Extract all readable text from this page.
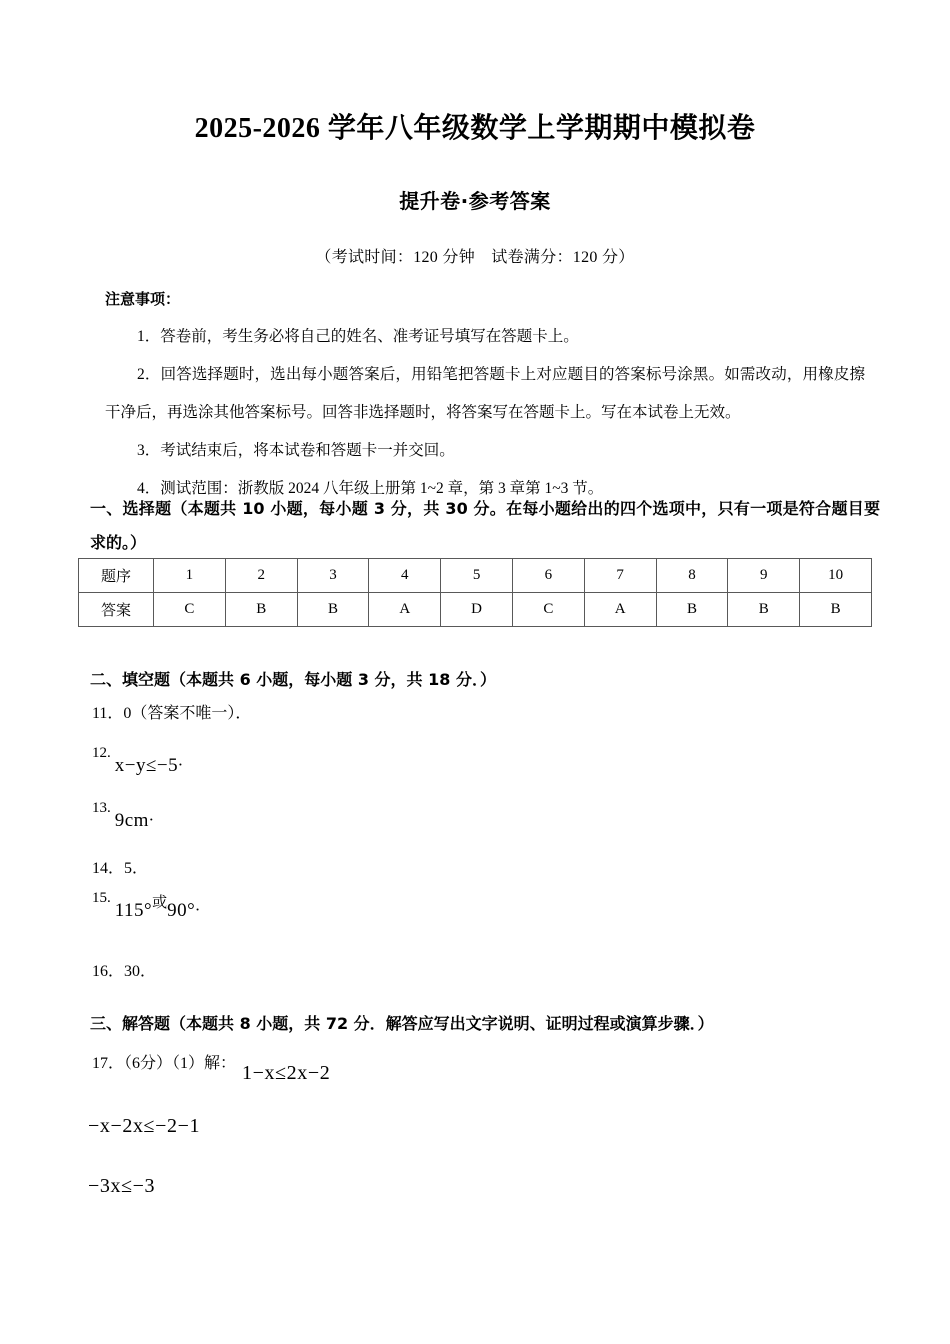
2025-2026 学年八年级数学上学期期中模拟卷
提升卷·参考答案
（考试时间：120 分钟　试卷满分：120 分）
注意事项：
1．答卷前，考生务必将自己的姓名、准考证号填写在答题卡上。
2．回答选择题时，选出每小题答案后，用铅笔把答题卡上对应题目的答案标号涂黑。如需改动，用橡皮擦干净后，再选涂其他答案标号。回答非选择题时，将答案写在答题卡上。写在本试卷上无效。
3．考试结束后，将本试卷和答题卡一并交回。
4．测试范围：浙教版 2024 八年级上册第 1~2 章，第 3 章第 1~3 节。
一、选择题（本题共 10 小题，每小题 3 分，共 30 分。在每小题给出的四个选项中，只有一项是符合题目要求的。）
题序	1	2	3	4	5	6	7	8	9	10
答案	C	B	B	A	D	C	A	B	B	B
二、填空题（本题共 6 小题，每小题 3 分，共 18 分．）
11．0（答案不唯一）．
12.x−y≤−5．
13.9cm．
14．5．
15.115°或90°．
16．30．
三、解答题（本题共 8 小题，共 72 分．解答应写出文字说明、证明过程或演算步骤．）
17．（6分）（1）解： 1−x≤2x−2
−x−2x≤−2−1
−3x≤−3
